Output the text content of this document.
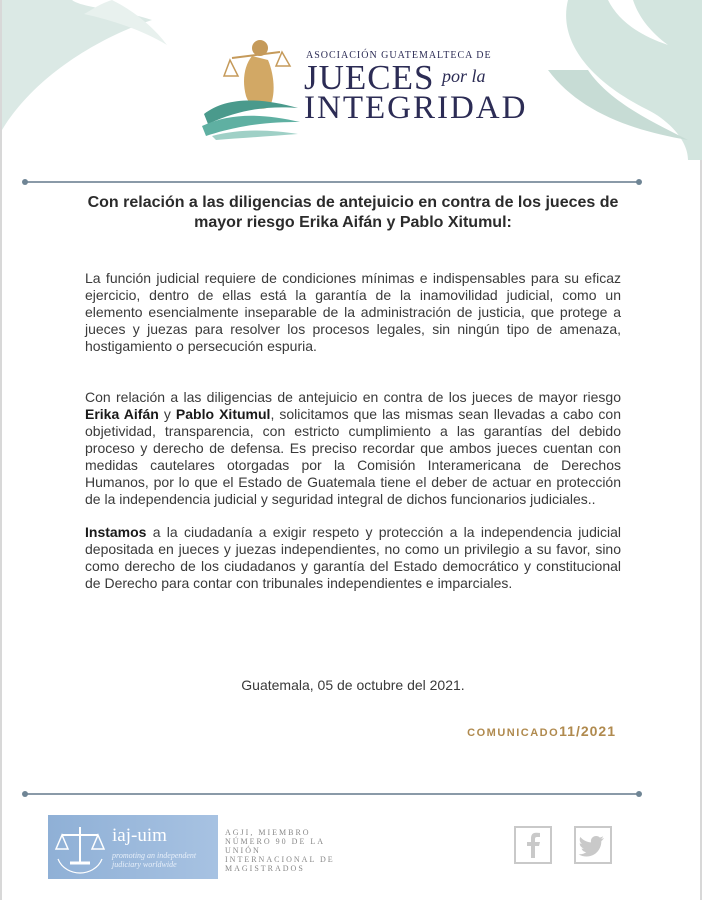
ASOCIACIÓN GUATEMALTECA DE
JUECES por la
INTEGRIDAD
Con relación a las diligencias de antejuicio en contra de los jueces de mayor riesgo Erika Aifán y Pablo Xitumul:

La función judicial requiere de condiciones mínimas e indispensables para su eficaz ejercicio, dentro de ellas está la garantía de la inamovilidad judicial, como un elemento esencialmente inseparable de la administración de justicia, que protege a jueces y juezas para resolver los procesos legales, sin ningún tipo de amenaza, hostigamiento o persecución espuria.

Con relación a las diligencias de antejuicio en contra de los jueces de mayor riesgo Erika Aifán y Pablo Xitumul, solicitamos que las mismas sean llevadas a cabo con objetividad, transparencia, con estricto cumplimiento a las garantías del debido proceso y derecho de defensa. Es preciso recordar que ambos jueces cuentan con medidas cautelares otorgadas por la Comisión Interamericana de Derechos Humanos, por lo que el Estado de Guatemala tiene el deber de actuar en protección de la independencia judicial y seguridad integral de dichos funcionarios judiciales..

Instamos a la ciudadanía a exigir respeto y protección a la independencia judicial depositada en jueces y juezas independientes, no como un privilegio a su favor, sino como derecho de los ciudadanos y garantía del Estado democrático y constitucional de Derecho para contar con tribunales independientes e imparciales.

Guatemala, 05 de octubre del 2021.
COMUNICADO11/2021
iaj-uim
promoting an independent judiciary worldwide
AGJI, MIEMBRO NÚMERO 90 DE LA UNIÓN INTERNACIONAL DE MAGISTRADOS
